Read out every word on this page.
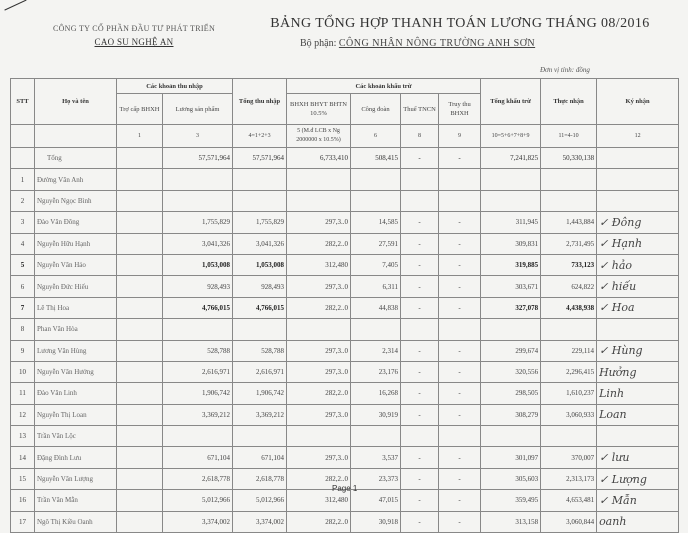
CÔNG TY CỔ PHẦN ĐẦU TƯ PHÁT TRIỂN
CAO SU NGHỆ AN
BẢNG TỔNG HỢP THANH TOÁN LƯƠNG THÁNG 08/2016
Bộ phận: CÔNG NHÂN NÔNG TRƯỜNG ANH SƠN
Đơn vị tính: đồng
STT	Họ và tên	Các khoản thu nhập		Tổng thu nhập	Các khoản khấu trừ				Tổng khấu trừ	Thực nhận	Ký nhận
		Trợ cấp BHXH	Lương sản phẩm		BHXH BHYT BHTN 10.5%	Công đoàn	Thuế TNCN	Truy thu BHXH			
		1	3	4=1+2+3	5 (M.đ LCB x Ng 2000000 x 10.5%)	6	8	9	10=5+6+7+8+9	11=4-10	12
	Tổng		57,571,964	57,571,964	6,733,410	508,415	-	-	7,241,825	50,330,138	
1	Đường Văn Anh										
2	Nguyễn Ngọc Bình										
3	Đào Văn Đông		1,755,829	1,755,829	297,3..0	14,585	-	-	311,945	1,443,884	✓ Đông
4	Nguyễn Hữu Hạnh		3,041,326	3,041,326	282,2..0	27,591	-	-	309,831	2,731,495	✓ Hạnh
5	Nguyễn Văn Hảo		1,053,008	1,053,008	312,480	7,405	-	-	319,885	733,123	✓ hảo
6	Nguyễn Đức Hiếu		928,493	928,493	297,3..0	6,311	-	-	303,671	624,822	✓ hiếu
7	Lê Thị Hoa		4,766,015	4,766,015	282,2..0	44,838	-	-	327,078	4,438,938	✓ Hoa
8	Phan Văn Hòa										
9	Lương Văn Hùng		528,788	528,788	297,3..0	2,314	-	-	299,674	229,114	✓ Hùng
10	Nguyễn Văn Hưởng		2,616,971	2,616,971	297,3..0	23,176	-	-	320,556	2,296,415	Hưởng
11	Đào Văn Linh		1,906,742	1,906,742	282,2..0	16,268	-	-	298,505	1,610,237	Linh
12	Nguyễn Thị Loan		3,369,212	3,369,212	297,3..0	30,919	-	-	308,279	3,060,933	Loan
13	Trần Văn Lộc										
14	Đặng Đình Lưu		671,104	671,104	297,3..0	3,537	-	-	301,097	370,007	✓ lưu
15	Nguyễn Văn Lượng		2,618,778	2,618,778	282,2..0	23,373	-	-	305,603	2,313,173	✓ Lượng
16	Trần Văn Mẫn		5,012,966	5,012,966	312,480	47,015	-	-	359,495	4,653,481	✓ Mẫn
17	Ngô Thị Kiều Oanh		3,374,002	3,374,002	282,2..0	30,918	-	-	313,158	3,060,844	oanh
Page 1
